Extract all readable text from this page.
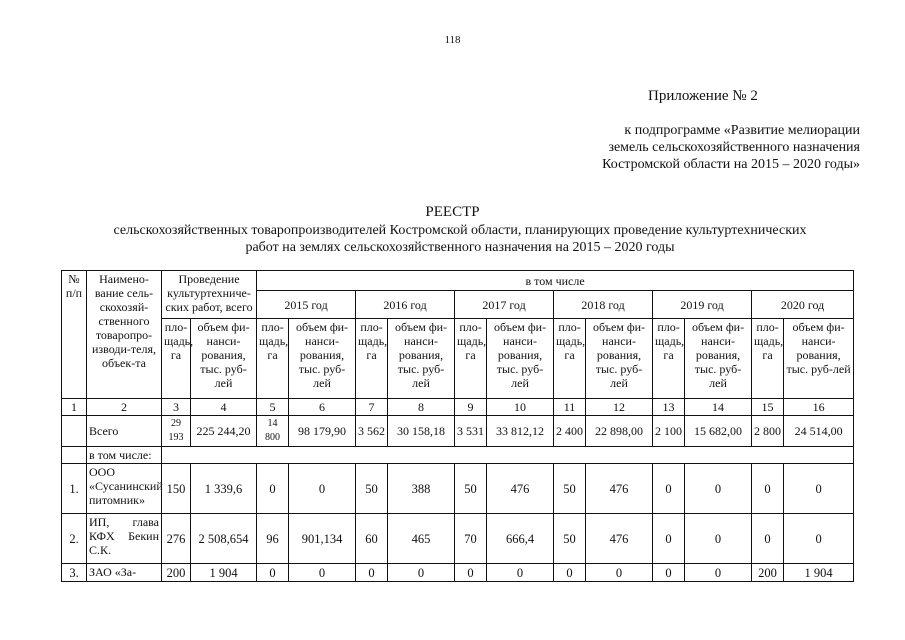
118
Приложение № 2
к подпрограмме «Развитие мелиорации
земель сельскохозяйственного назначения
Костромской области на 2015 – 2020 годы»
РЕЕСТР
сельскохозяйственных товаропроизводителей Костромской области, планирующих проведение культуртехнических
работ на землях сельскохозяйственного назначения на 2015 – 2020 годы
№ п/п	Наимено-вание сель-скохозяй-ственного товаропро-изводи-теля, объек-та	Проведение культуртехниче-ских работ, всего		в том числе											
				2015 год		2016 год		2017 год		2018 год		2019 год		2020 год	
		пло-щадь, га	объем фи-нанси-рования, тыс. руб-лей	пло-щадь, га	объем фи-нанси-рования, тыс. руб-лей	пло-щадь, га	объем фи-нанси-рования, тыс. руб-лей	пло-щадь, га	объем фи-нанси-рования, тыс. руб-лей	пло-щадь, га	объем фи-нанси-рования, тыс. руб-лей	пло-щадь, га	объем фи-нанси-рования, тыс. руб-лей	пло-щадь, га	объем фи-нанси-рования, тыс. руб-лей
1	2	3	4	5	6	7	8	9	10	11	12	13	14	15	16
	Всего	29 193	225 244,20	14 800	98 179,90	3 562	30 158,18	3 531	33 812,12	2 400	22 898,00	2 100	15 682,00	2 800	24 514,00
	в том числе:														
1.	ООО «Сусанинский питомник»	150	1 339,6	0	0	50	388	50	476	50	476	0	0	0	0
2.	ИП, глава КФХ Бекин С.К.	276	2 508,654	96	901,134	60	465	70	666,4	50	476	0	0	0	0
3.	ЗАО «За-	200	1 904	0	0	0	0	0	0	0	0	0	0	200	1 904
